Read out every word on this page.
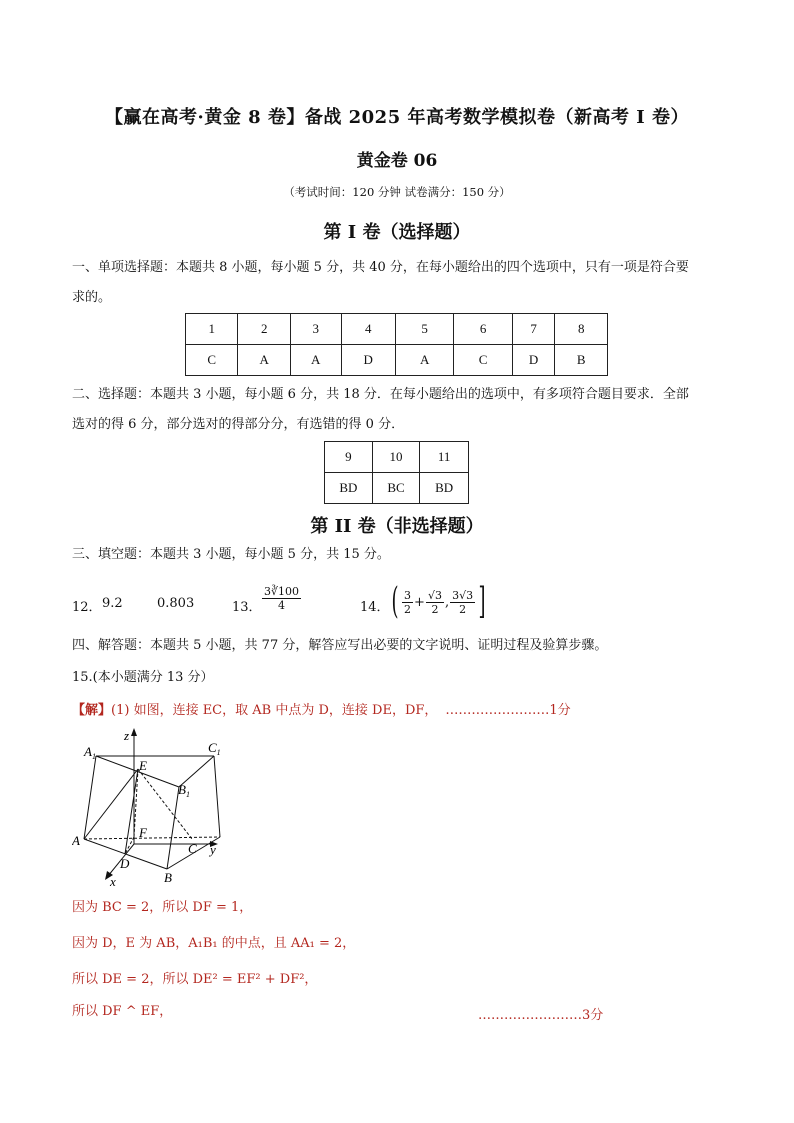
【赢在高考·黄金 8 卷】备战 2025 年高考数学模拟卷（新高考 I 卷）
黄金卷 06
（考试时间：120 分钟 试卷满分：150 分）
第 I 卷（选择题）
一、单项选择题：本题共 8 小题，每小题 5 分，共 40 分，在每小题给出的四个选项中，只有一项是符合要
求的。
1	2	3	4	5	6	7	8
C	A	A	D	A	C	D	B
二、选择题：本题共 3 小题，每小题 6 分，共 18 分．在每小题给出的选项中，有多项符合题目要求．全部
选对的得 6 分，部分选对的得部分分，有选错的得 0 分．
9	10	11
BD	BC	BD
第 II 卷（非选择题）
三、填空题：本题共 3 小题，每小题 5 分，共 15 分。
12． 9.2	0.803	13． $\frac{3∛100}{4}$	14． ( $\frac{3}{2} + \frac{√3}{2}$ , $\frac{3√3}{2}$ ]
四、解答题：本题共 5 小题，共 77 分，解答应写出必要的文字说明、证明过程及验算步骤。
15.(本小题满分 13 分）
【解】(1) 如图，连接 EC，取 AB 中点为 D，连接 DE，DF， ……………………1分
$A_1$
$C_1$
$B_1$
E
F
A
C
D
B
x
y
z
因为 BC = 2，所以 DF = 1，
因为 D，E 为 AB，A₁B₁ 的中点，且 AA₁ = 2，
所以 DE = 2，所以 DE² = EF² + DF²，
所以 DF ^ EF，	……………………3分
